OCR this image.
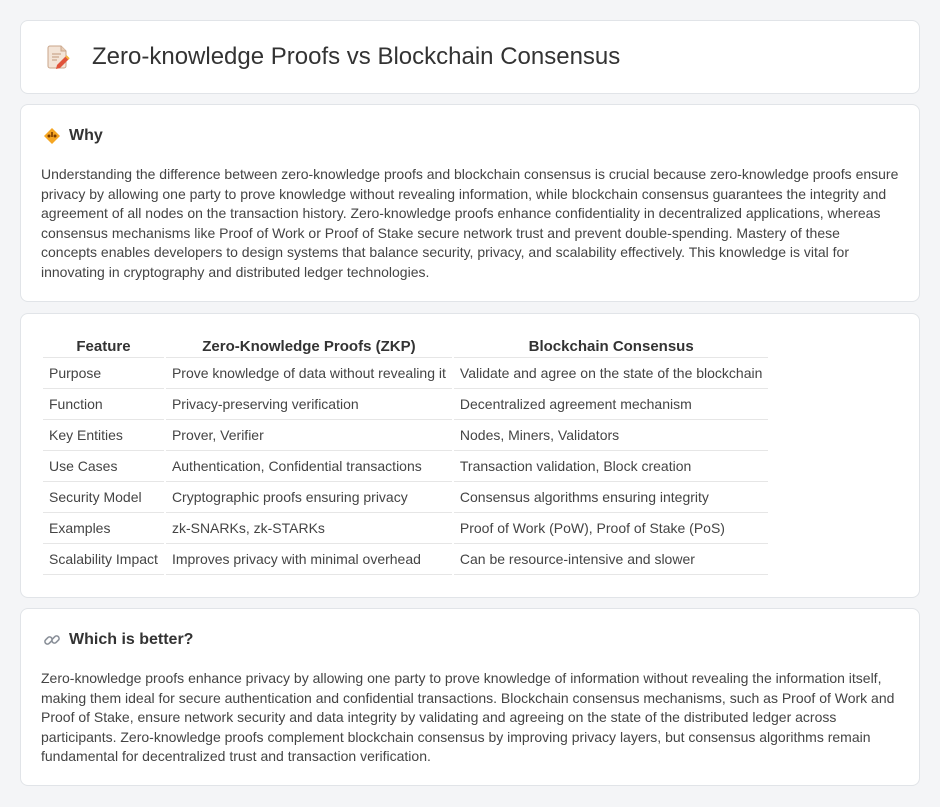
Zero-knowledge Proofs vs Blockchain Consensus
Why

Understanding the difference between zero-knowledge proofs and blockchain consensus is crucial because zero-knowledge proofs ensure privacy by allowing one party to prove knowledge without revealing information, while blockchain consensus guarantees the integrity and agreement of all nodes on the transaction history. Zero-knowledge proofs enhance confidentiality in decentralized applications, whereas consensus mechanisms like Proof of Work or Proof of Stake secure network trust and prevent double-spending. Mastery of these concepts enables developers to design systems that balance security, privacy, and scalability effectively. This knowledge is vital for innovating in cryptography and distributed ledger technologies.

Feature	Zero-Knowledge Proofs (ZKP)	Blockchain Consensus
Purpose	Prove knowledge of data without revealing it	Validate and agree on the state of the blockchain
Function	Privacy-preserving verification	Decentralized agreement mechanism
Key Entities	Prover, Verifier	Nodes, Miners, Validators
Use Cases	Authentication, Confidential transactions	Transaction validation, Block creation
Security Model	Cryptographic proofs ensuring privacy	Consensus algorithms ensuring integrity
Examples	zk-SNARKs, zk-STARKs	Proof of Work (PoW), Proof of Stake (PoS)
Scalability Impact	Improves privacy with minimal overhead	Can be resource-intensive and slower
Which is better?

Zero-knowledge proofs enhance privacy by allowing one party to prove knowledge of information without revealing the information itself, making them ideal for secure authentication and confidential transactions. Blockchain consensus mechanisms, such as Proof of Work and Proof of Stake, ensure network security and data integrity by validating and agreeing on the state of the distributed ledger across participants. Zero-knowledge proofs complement blockchain consensus by improving privacy layers, but consensus algorithms remain fundamental for decentralized trust and transaction verification.
